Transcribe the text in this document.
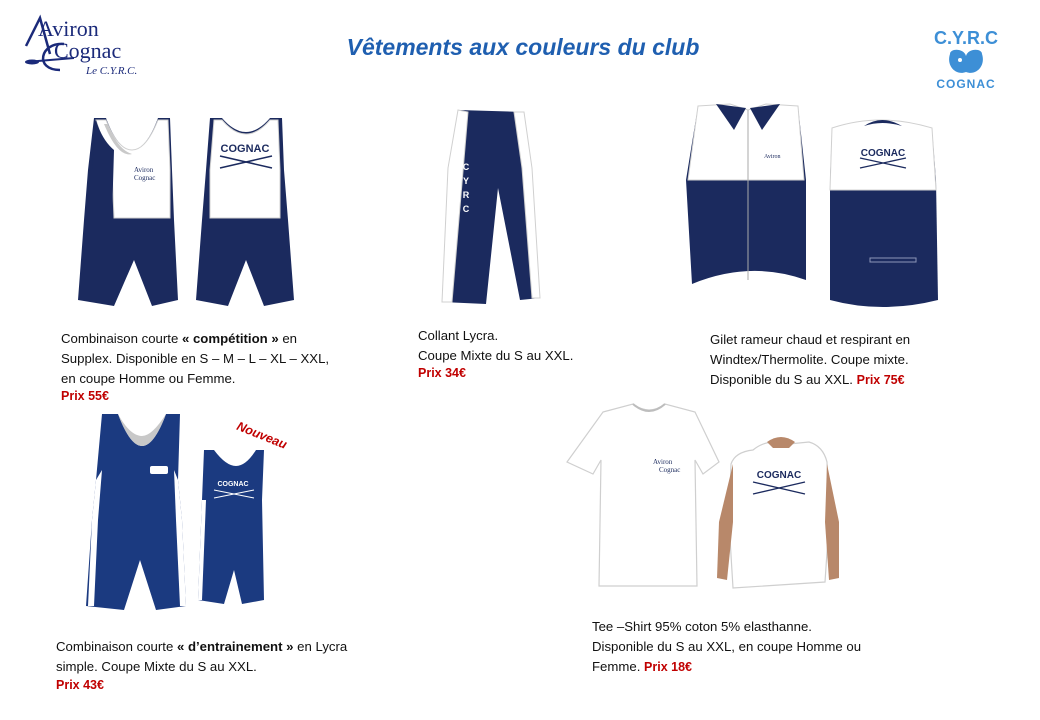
Vêtements aux couleurs du club
Aviron
Cognac
Le C.Y.R.C.
C.Y.R.C
COGNAC
Aviron
Cognac
COGNAC
Combinaison courte « compétition » en Supplex. Disponible en S – M – L – XL – XXL, en coupe Homme ou Femme.
Prix 55€
C
Y
R
C
Collant Lycra.
Coupe Mixte du S au XXL.
Prix 34€
Aviron	COGNAC
Gilet rameur chaud et respirant en Windtex/Thermolite. Coupe mixte. Disponible du S au XXL. Prix 75€
COGNAC
Nouveau
Combinaison courte « d’entrainement » en Lycra simple. Coupe Mixte du S au XXL.
Prix 43€
Aviron
Cognac	COGNAC
Tee –Shirt 95% coton 5% elasthanne. Disponible du S au XXL, en coupe Homme ou Femme. Prix 18€
